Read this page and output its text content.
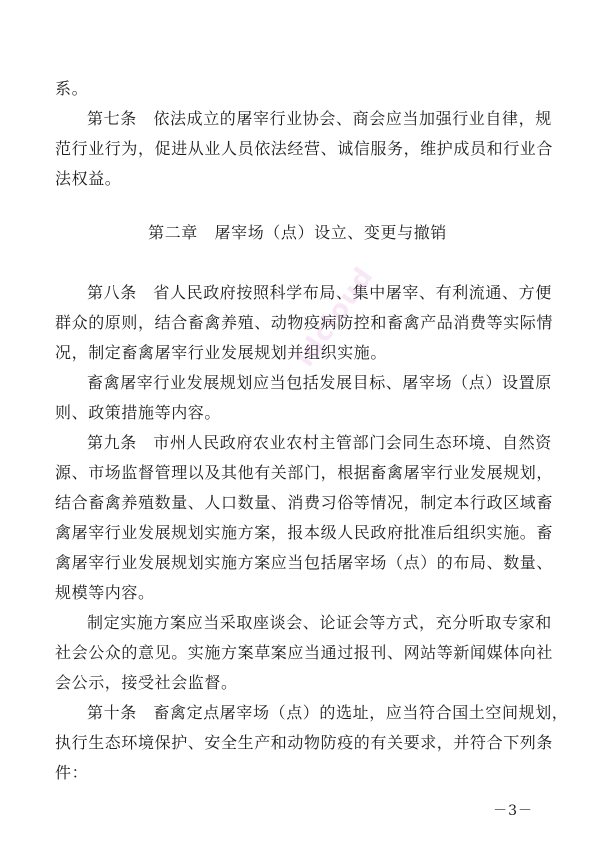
系。

第七条　依法成立的屠宰行业协会、商会应当加强行业自律，规

范行业行为，促进从业人员依法经营、诚信服务，维护成员和行业合

法权益。

第二章　屠宰场（点）设立、变更与撤销

第八条　省人民政府按照科学布局、集中屠宰、有利流通、方便

群众的原则，结合畜禽养殖、动物疫病防控和畜禽产品消费等实际情

况，制定畜禽屠宰行业发展规划并组织实施。

畜禽屠宰行业发展规划应当包括发展目标、屠宰场（点）设置原

则、政策措施等内容。

第九条　市州人民政府农业农村主管部门会同生态环境、自然资

源、市场监督管理以及其他有关部门，根据畜禽屠宰行业发展规划，

结合畜禽养殖数量、人口数量、消费习俗等情况，制定本行政区域畜

禽屠宰行业发展规划实施方案，报本级人民政府批准后组织实施。畜

禽屠宰行业发展规划实施方案应当包括屠宰场（点）的布局、数量、

规模等内容。

制定实施方案应当采取座谈会、论证会等方式，充分听取专家和

社会公众的意见。实施方案草案应当通过报刊、网站等新闻媒体向社

会公示，接受社会监督。

第十条　畜禽定点屠宰场（点）的选址，应当符合国土空间规划，

执行生态环境保护、安全生产和动物防疫的有关要求，并符合下列条

件：

ldcloud
－3－
